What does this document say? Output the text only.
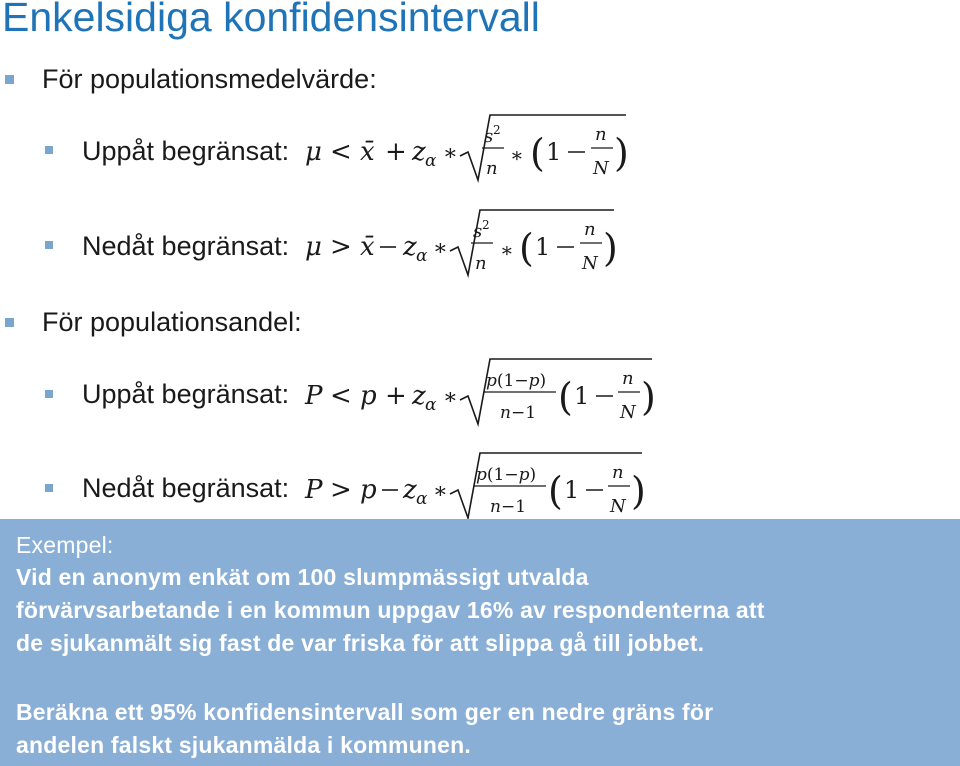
Enkelsidiga konfidensintervall
För populationsmedelvärde:
Uppåt begränsat: μ < x̄ + z α ∗
s 2
n
∗ ( 1
n
N )
Nedåt begränsat: μ > x̄ z α ∗
s 2
n
∗ ( 1
n
N )
För populationsandel:
Uppåt begränsat: P < p + z α ∗
p(1−p)
n−1 ( 1
n
N )
Nedåt begränsat: P > p z α ∗
p(1−p)
n−1 ( 1
n
N )

Exempel:

Vid en anonym enkät om 100 slumpmässigt utvalda

förvärvsarbetande i en kommun uppgav 16% av respondenterna att

de sjukanmält sig fast de var friska för att slippa gå till jobbet.

Beräkna ett 95% konfidensintervall som ger en nedre gräns för

andelen falskt sjukanmälda i kommunen.
